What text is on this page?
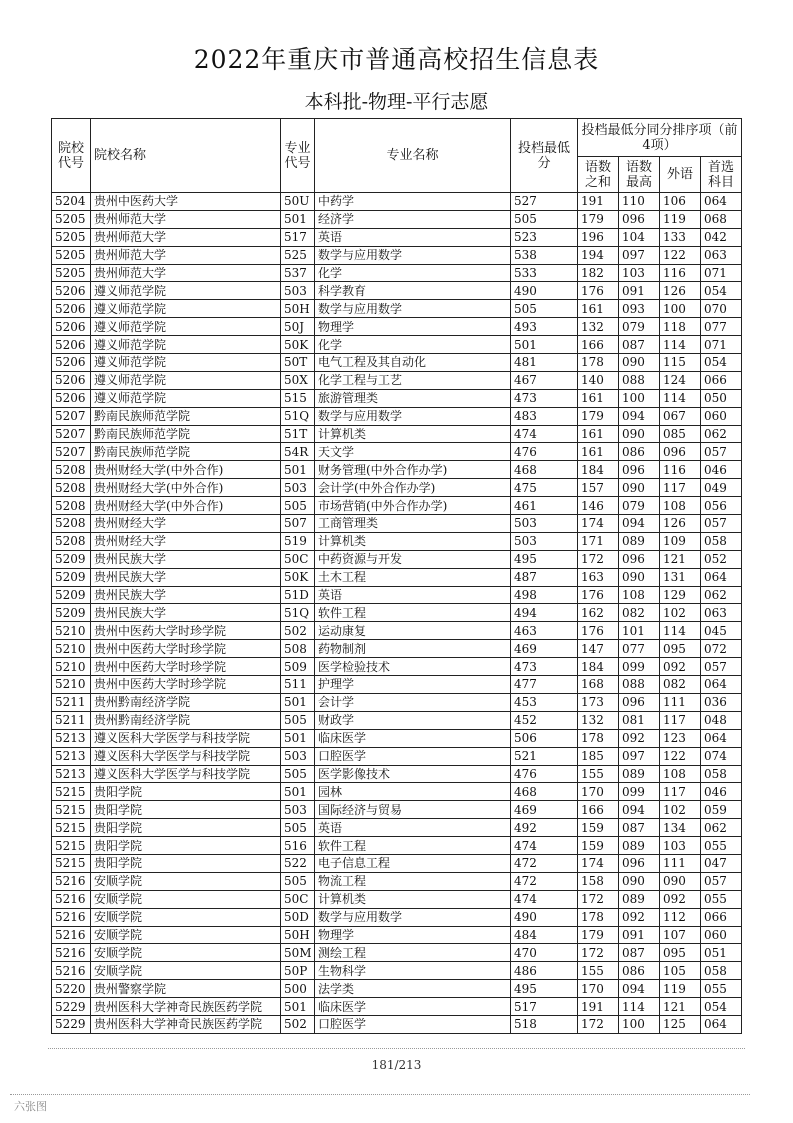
2022年重庆市普通高校招生信息表
本科批-物理-平行志愿
院校代号	院校名称	专业代号	专业名称	投档最低分	投档最低分同分排序项（前4项）			
					语数之和	语数最高	外语	首选科目
5204	贵州中医药大学	50U	中药学	527	191	110	106	064
5205	贵州师范大学	501	经济学	505	179	096	119	068
5205	贵州师范大学	517	英语	523	196	104	133	042
5205	贵州师范大学	525	数学与应用数学	538	194	097	122	063
5205	贵州师范大学	537	化学	533	182	103	116	071
5206	遵义师范学院	503	科学教育	490	176	091	126	054
5206	遵义师范学院	50H	数学与应用数学	505	161	093	100	070
5206	遵义师范学院	50J	物理学	493	132	079	118	077
5206	遵义师范学院	50K	化学	501	166	087	114	071
5206	遵义师范学院	50T	电气工程及其自动化	481	178	090	115	054
5206	遵义师范学院	50X	化学工程与工艺	467	140	088	124	066
5206	遵义师范学院	515	旅游管理类	473	161	100	114	050
5207	黔南民族师范学院	51Q	数学与应用数学	483	179	094	067	060
5207	黔南民族师范学院	51T	计算机类	474	161	090	085	062
5207	黔南民族师范学院	54R	天文学	476	161	086	096	057
5208	贵州财经大学(中外合作)	501	财务管理(中外合作办学)	468	184	096	116	046
5208	贵州财经大学(中外合作)	503	会计学(中外合作办学)	475	157	090	117	049
5208	贵州财经大学(中外合作)	505	市场营销(中外合作办学)	461	146	079	108	056
5208	贵州财经大学	507	工商管理类	503	174	094	126	057
5208	贵州财经大学	519	计算机类	503	171	089	109	058
5209	贵州民族大学	50C	中药资源与开发	495	172	096	121	052
5209	贵州民族大学	50K	土木工程	487	163	090	131	064
5209	贵州民族大学	51D	英语	498	176	108	129	062
5209	贵州民族大学	51Q	软件工程	494	162	082	102	063
5210	贵州中医药大学时珍学院	502	运动康复	463	176	101	114	045
5210	贵州中医药大学时珍学院	508	药物制剂	469	147	077	095	072
5210	贵州中医药大学时珍学院	509	医学检验技术	473	184	099	092	057
5210	贵州中医药大学时珍学院	511	护理学	477	168	088	082	064
5211	贵州黔南经济学院	501	会计学	453	173	096	111	036
5211	贵州黔南经济学院	505	财政学	452	132	081	117	048
5213	遵义医科大学医学与科技学院	501	临床医学	506	178	092	123	064
5213	遵义医科大学医学与科技学院	503	口腔医学	521	185	097	122	074
5213	遵义医科大学医学与科技学院	505	医学影像技术	476	155	089	108	058
5215	贵阳学院	501	园林	468	170	099	117	046
5215	贵阳学院	503	国际经济与贸易	469	166	094	102	059
5215	贵阳学院	505	英语	492	159	087	134	062
5215	贵阳学院	516	软件工程	474	159	089	103	055
5215	贵阳学院	522	电子信息工程	472	174	096	111	047
5216	安顺学院	505	物流工程	472	158	090	090	057
5216	安顺学院	50C	计算机类	474	172	089	092	055
5216	安顺学院	50D	数学与应用数学	490	178	092	112	066
5216	安顺学院	50H	物理学	484	179	091	107	060
5216	安顺学院	50M	测绘工程	470	172	087	095	051
5216	安顺学院	50P	生物科学	486	155	086	105	058
5220	贵州警察学院	500	法学类	495	170	094	119	055
5229	贵州医科大学神奇民族医药学院	501	临床医学	517	191	114	121	054
5229	贵州医科大学神奇民族医药学院	502	口腔医学	518	172	100	125	064
181/213
六张图
